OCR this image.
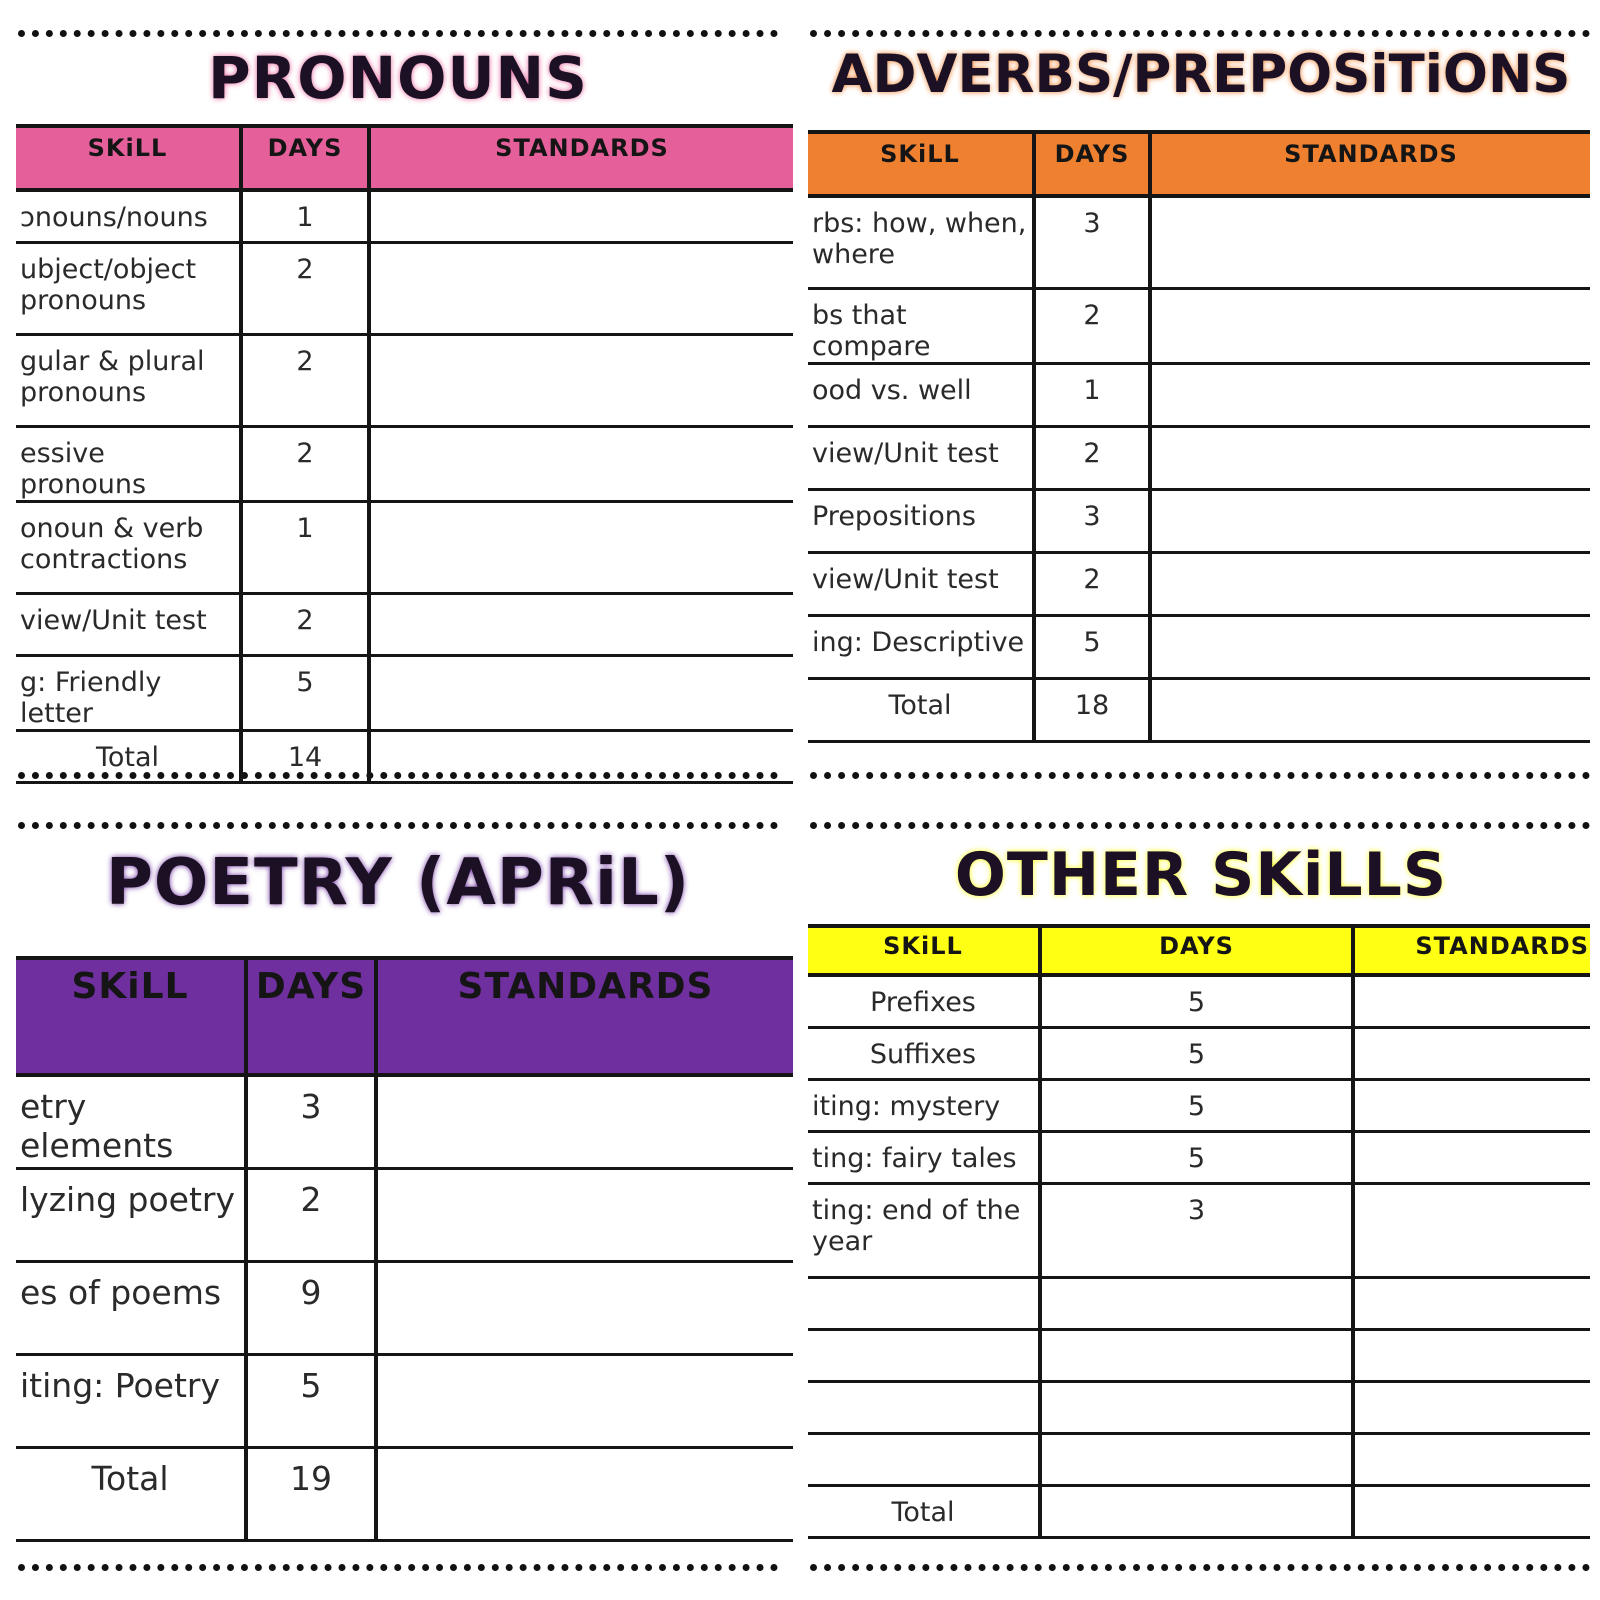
PRONOUNS
SKiLL	DAYS	STANDARDS
ɔnouns/nouns	1	
ubject/object pronouns	2	
gular & plural pronouns	2	
essive pronouns	2	
onoun & verb contractions	1	
view/Unit test	2	
g: Friendly letter	5	
Total	14	
ADVERBS/PREPOSiTiONS
SKiLL	DAYS	STANDARDS
rbs: how, when, where	3	
bs that compare	2	
ood vs. well	1	
view/Unit test	2	
Prepositions	3	
view/Unit test	2	
ing: Descriptive	5	
Total	18	
POETRY (APRiL)
SKiLL	DAYS	STANDARDS
etry elements	3	
lyzing poetry	2	
es of poems	9	
iting: Poetry	5	
Total	19	
OTHER SKiLLS
SKiLL	DAYS	STANDARDS
Prefixes	5	
Suffixes	5	
iting: mystery	5	
ting: fairy tales	5	
ting: end of the year	3	

Total		
